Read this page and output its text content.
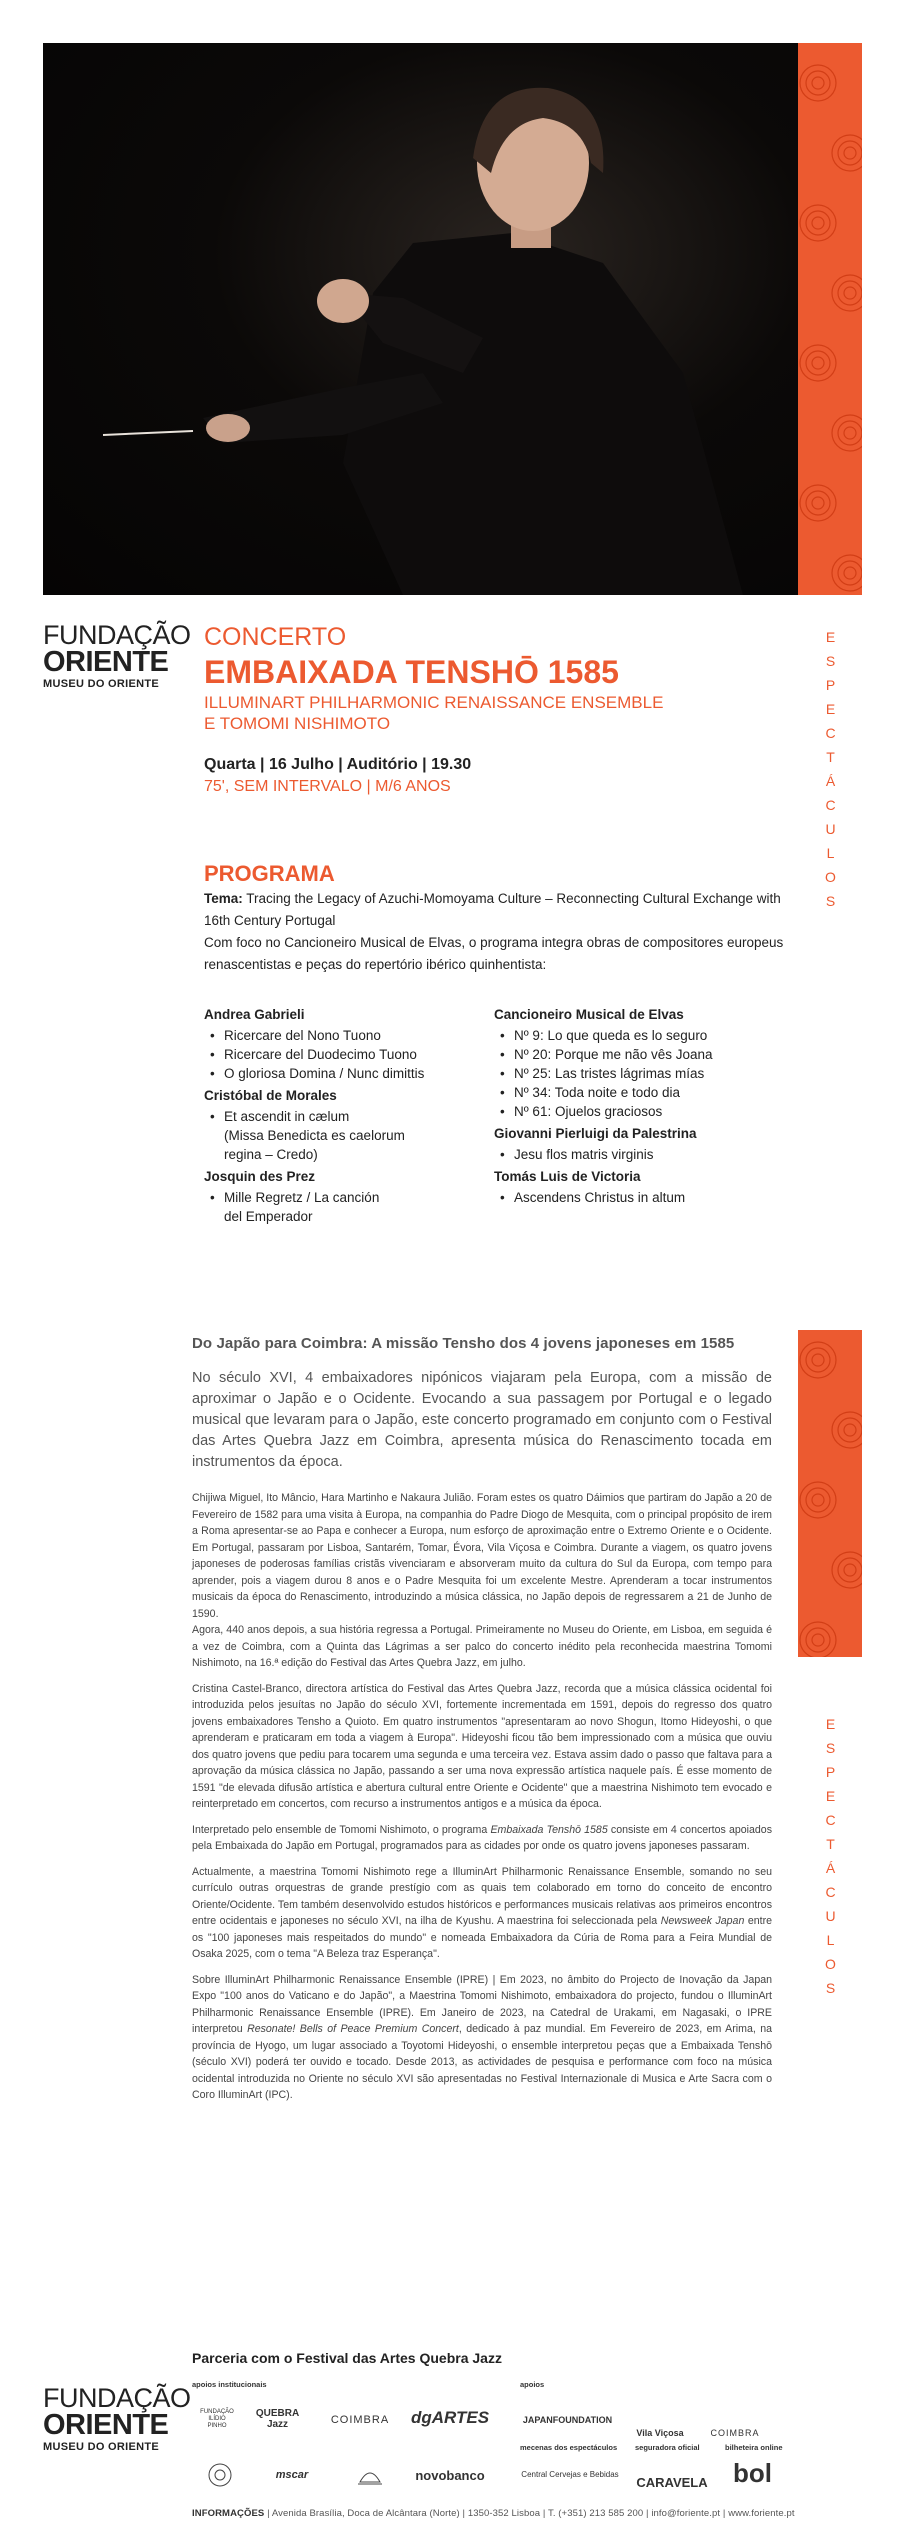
FUNDAÇÃO
ORIENTE
MUSEU DO ORIENTE
E
S
P
E
C
T
Á
C
U
L
O
S
CONCERTO
EMBAIXADA TENSHŌ 1585
ILLUMINART PHILHARMONIC RENAISSANCE ENSEMBLE
E TOMOMI NISHIMOTO
Quarta | 16 Julho | Auditório | 19.30
75', SEM INTERVALO | M/6 ANOS
PROGRAMA

Tema: Tracing the Legacy of Azuchi-Momoyama Culture – Reconnecting Cultural Exchange with 16th Century Portugal

Com foco no Cancioneiro Musical de Elvas, o programa integra obras de compositores europeus renascentistas e peças do repertório ibérico quinhentista:

Andrea Gabrieli
• Ricercare del Nono Tuono
• Ricercare del Duodecimo Tuono
• O gloriosa Domina / Nunc dimittis
Cristóbal de Morales
• Et ascendit in cælum
(Missa Benedicta es caelorum
regina – Credo)
Josquin des Prez
• Mille Regretz / La canción
del Emperador
Cancioneiro Musical de Elvas
• Nº 9: Lo que queda es lo seguro
• Nº 20: Porque me não vês Joana
• Nº 25: Las tristes lágrimas mías
• Nº 34: Toda noite e todo dia
• Nº 61: Ojuelos graciosos
Giovanni Pierluigi da Palestrina
• Jesu flos matris virginis
Tomás Luis de Victoria
• Ascendens Christus in altum
E
S
P
E
C
T
Á
C
U
L
O
S
Do Japão para Coimbra: A missão Tensho dos 4 jovens japoneses em 1585

No século XVI, 4 embaixadores nipónicos viajaram pela Europa, com a missão de aproximar o Japão e o Ocidente. Evocando a sua passagem por Portugal e o legado musical que levaram para o Japão, este concerto programado em conjunto com o Festival das Artes Quebra Jazz em Coimbra, apresenta música do Renascimento tocada em instrumentos da época.

Chijiwa Miguel, Ito Mâncio, Hara Martinho e Nakaura Julião. Foram estes os quatro Dáimios que partiram do Japão a 20 de Fevereiro de 1582 para uma visita à Europa, na companhia do Padre Diogo de Mesquita, com o principal propósito de irem a Roma apresentar-se ao Papa e conhecer a Europa, num esforço de aproximação entre o Extremo Oriente e o Ocidente. Em Portugal, passaram por Lisboa, Santarém, Tomar, Évora, Vila Viçosa e Coimbra. Durante a viagem, os quatro jovens japoneses de poderosas famílias cristãs vivenciaram e absorveram muito da cultura do Sul da Europa, com tempo para aprender, pois a viagem durou 8 anos e o Padre Mesquita foi um excelente Mestre. Aprenderam a tocar instrumentos musicais da época do Renascimento, introduzindo a música clássica, no Japão depois de regressarem a 21 de Junho de 1590.

Agora, 440 anos depois, a sua história regressa a Portugal. Primeiramente no Museu do Oriente, em Lisboa, em seguida é a vez de Coimbra, com a Quinta das Lágrimas a ser palco do concerto inédito pela reconhecida maestrina Tomomi Nishimoto, na 16.ª edição do Festival das Artes Quebra Jazz, em julho.

Cristina Castel-Branco, directora artística do Festival das Artes Quebra Jazz, recorda que a música clássica ocidental foi introduzida pelos jesuítas no Japão do século XVI, fortemente incrementada em 1591, depois do regresso dos quatro jovens embaixadores Tensho a Quioto. Em quatro instrumentos "apresentaram ao novo Shogun, Itomo Hideyoshi, o que aprenderam e praticaram em toda a viagem à Europa". Hideyoshi ficou tão bem impressionado com a música que ouviu dos quatro jovens que pediu para tocarem uma segunda e uma terceira vez. Estava assim dado o passo que faltava para a aprovação da música clássica no Japão, passando a ser uma nova expressão artística naquele país. É esse momento de 1591 "de elevada difusão artística e abertura cultural entre Oriente e Ocidente" que a maestrina Nishimoto tem evocado e reinterpretado em concertos, com recurso a instrumentos antigos e a música da época.

Interpretado pelo ensemble de Tomomi Nishimoto, o programa Embaixada Tenshō 1585 consiste em 4 concertos apoiados pela Embaixada do Japão em Portugal, programados para as cidades por onde os quatro jovens japoneses passaram.

Actualmente, a maestrina Tomomi Nishimoto rege a IlluminArt Philharmonic Renaissance Ensemble, somando no seu currículo outras orquestras de grande prestígio com as quais tem colaborado em torno do conceito de encontro Oriente/Ocidente. Tem também desenvolvido estudos históricos e performances musicais relativas aos primeiros encontros entre ocidentais e japoneses no século XVI, na ilha de Kyushu. A maestrina foi seleccionada pela Newsweek Japan entre os "100 japoneses mais respeitados do mundo" e nomeada Embaixadora da Cúria de Roma para a Feira Mundial de Osaka 2025, com o tema "A Beleza traz Esperança".

Sobre IlluminArt Philharmonic Renaissance Ensemble (IPRE) | Em 2023, no âmbito do Projecto de Inovação da Japan Expo "100 anos do Vaticano e do Japão", a Maestrina Tomomi Nishimoto, embaixadora do projecto, fundou o IlluminArt Philharmonic Renaissance Ensemble (IPRE). Em Janeiro de 2023, na Catedral de Urakami, em Nagasaki, o IPRE interpretou Resonate! Bells of Peace Premium Concert, dedicado à paz mundial. Em Fevereiro de 2023, em Arima, na província de Hyogo, um lugar associado a Toyotomi Hideyoshi, o ensemble interpretou peças que a Embaixada Tenshō (século XVI) poderá ter ouvido e tocado. Desde 2013, as actividades de pesquisa e performance com foco na música ocidental introduzida no Oriente no século XVI são apresentadas no Festival Internazionale di Musica e Arte Sacra com o Coro IlluminArt (IPC).

Parceria com o Festival das Artes Quebra Jazz
FUNDAÇÃO
ORIENTE
MUSEU DO ORIENTE
apoios institucionais	apoios
FUNDAÇÃO
ILÍDIO
PINHO
QUEBRA
Jazz	COIMBRA	dgARTES	JAPANFOUNDATION
Vila Viçosa	COIMBRA
mecenas dos espectáculos seguradora oficial	bilheteira online
mscar	novobanco	Central Cervejas e Bebidas
CARAVELA bol
INFORMAÇÕES | Avenida Brasília, Doca de Alcântara (Norte) | 1350-352 Lisboa | T. (+351) 213 585 200 | info@foriente.pt | www.foriente.pt
